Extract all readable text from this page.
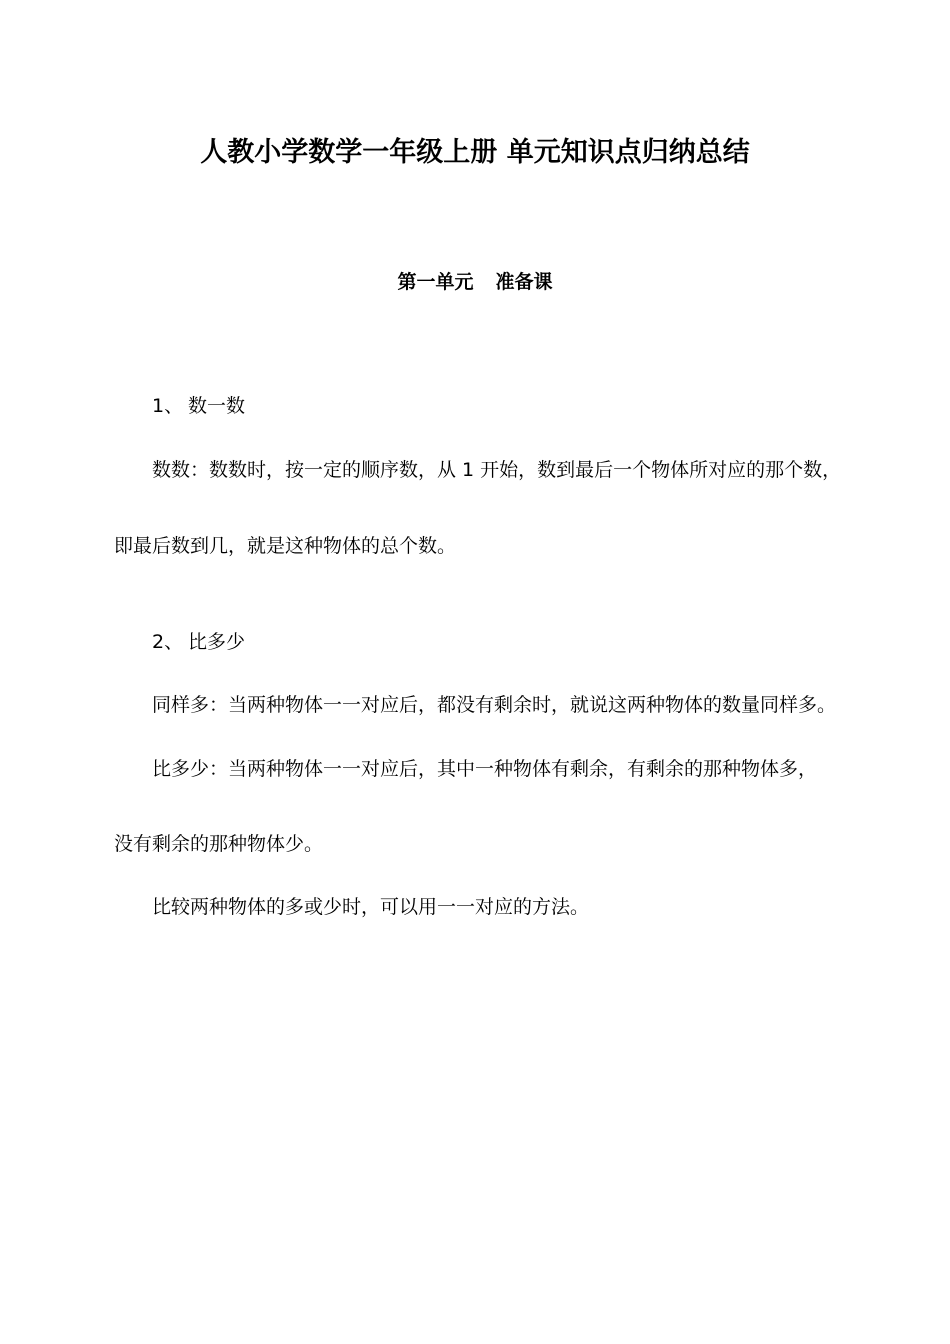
人教小学数学一年级上册 单元知识点归纳总结
第一单元 准备课
1、 数一数
数数：数数时，按一定的顺序数，从 1 开始，数到最后一个物体所对应的那个数，
即最后数到几，就是这种物体的总个数。
2、 比多少
同样多：当两种物体一一对应后，都没有剩余时，就说这两种物体的数量同样多。
比多少：当两种物体一一对应后，其中一种物体有剩余，有剩余的那种物体多，
没有剩余的那种物体少。
比较两种物体的多或少时，可以用一一对应的方法。
